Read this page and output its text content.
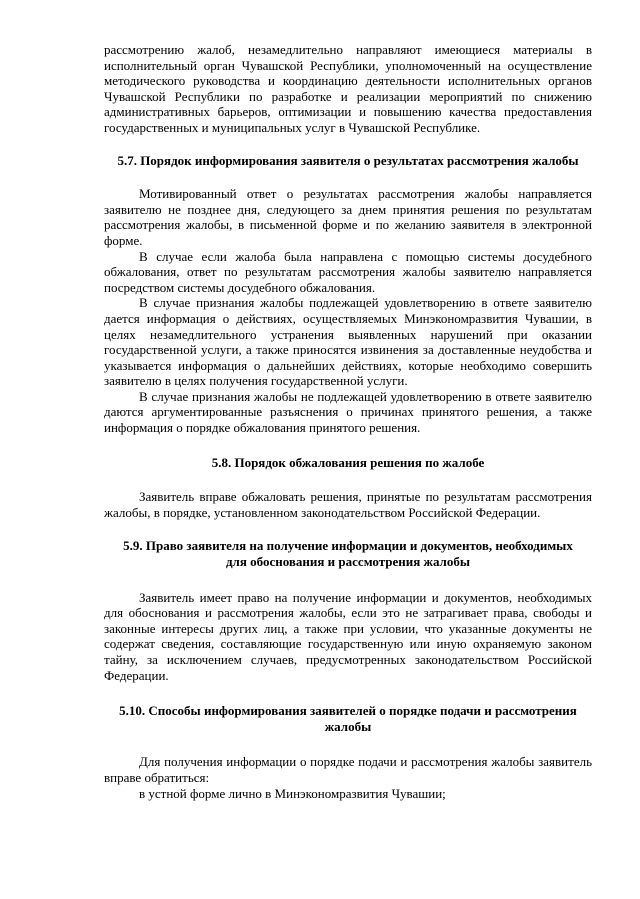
рассмотрению жалоб, незамедлительно направляют имеющиеся материалы в исполнительный орган Чувашской Республики, уполномоченный на осуществление методического руководства и координацию деятельности исполнительных органов Чувашской Республики по разработке и реализации мероприятий по снижению административных барьеров, оптимизации и повышению качества предоставления государственных и муниципальных услуг в Чувашской Республике.

5.7. Порядок информирования заявителя о результатах рассмотрения жалобы

Мотивированный ответ о результатах рассмотрения жалобы направляется заявителю не позднее дня, следующего за днем принятия решения по результатам рассмотрения жалобы, в письменной форме и по желанию заявителя в электронной форме.

В случае если жалоба была направлена с помощью системы досудебного обжалования, ответ по результатам рассмотрения жалобы заявителю направляется посредством системы досудебного обжалования.

В случае признания жалобы подлежащей удовлетворению в ответе заявителю дается информация о действиях, осуществляемых Минэкономразвития Чувашии, в целях незамедлительного устранения выявленных нарушений при оказании государственной услуги, а также приносятся извинения за доставленные неудобства и указывается информация о дальнейших действиях, которые необходимо совершить заявителю в целях получения государственной услуги.

В случае признания жалобы не подлежащей удовлетворению в ответе заявителю даются аргументированные разъяснения о причинах принятого решения, а также информация о порядке обжалования принятого решения.

5.8. Порядок обжалования решения по жалобе

Заявитель вправе обжаловать решения, принятые по результатам рассмотрения жалобы, в порядке, установленном законодательством Российской Федерации.

5.9. Право заявителя на получение информации и документов, необходимых
для обоснования и рассмотрения жалобы

Заявитель имеет право на получение информации и документов, необходимых для обоснования и рассмотрения жалобы, если это не затрагивает права, свободы и законные интересы других лиц, а также при условии, что указанные документы не содержат сведения, составляющие государственную или иную охраняемую законом тайну, за исключением случаев, предусмотренных законодательством Российской Федерации.

5.10. Способы информирования заявителей о порядке подачи и рассмотрения
жалобы

Для получения информации о порядке подачи и рассмотрения жалобы заявитель вправе обратиться:

в устной форме лично в Минэкономразвития Чувашии;
